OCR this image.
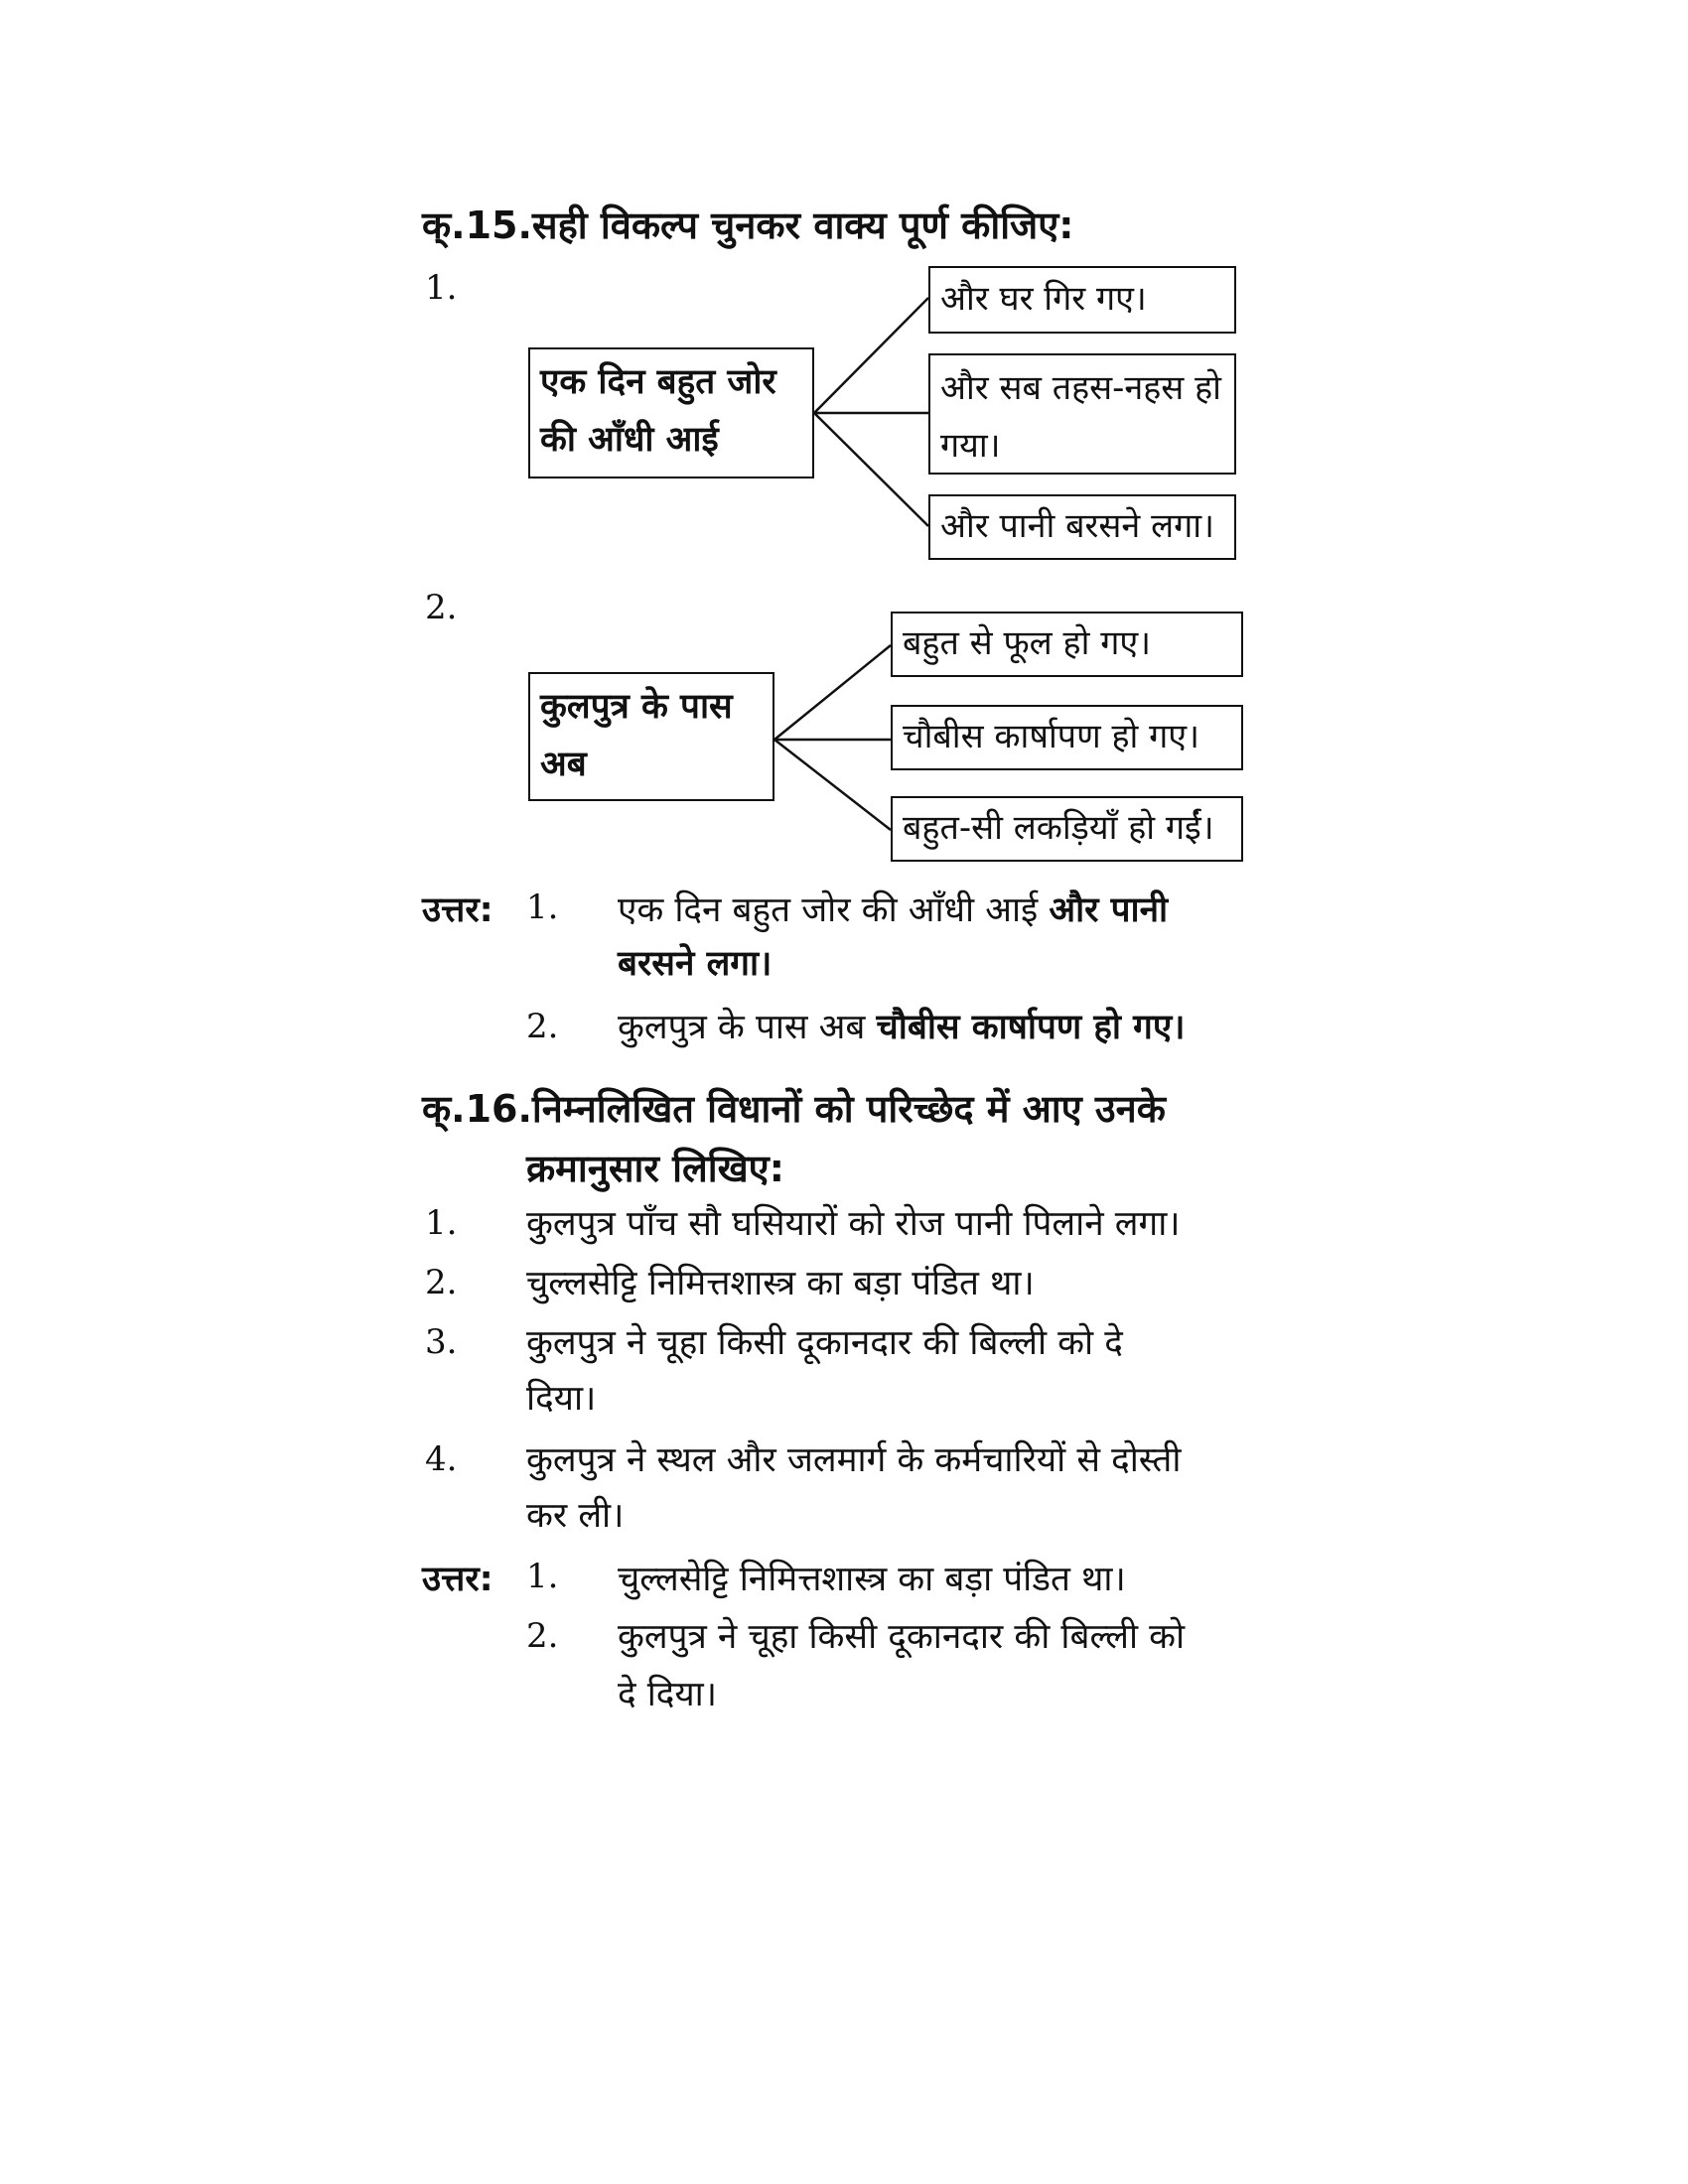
क्.15.सही विकल्प चुनकर वाक्य पूर्ण कीजिए:
1.
एक दिन बहुत जोर की आँधी आई
और घर गिर गए।
और सब तहस-नहस हो गया।
और पानी बरसने लगा।
2.
कुलपुत्र के पास अब
बहुत से फूल हो गए।
चौबीस कार्षापण हो गए।
बहुत-सी लकड़ियाँ हो गईं।
उत्तर: 1. एक दिन बहुत जोर की आँधी आई और पानी
बरसने लगा।
2. कुलपुत्र के पास अब चौबीस कार्षापण हो गए।
क्.16.निम्नलिखित विधानों को परिच्छेद में आए उनके
क्रमानुसार लिखिए:
1. कुलपुत्र पाँच सौ घसियारों को रोज पानी पिलाने लगा।
2. चुल्लसेट्टि निमित्तशास्त्र का बड़ा पंडित था।
3. कुलपुत्र ने चूहा किसी दूकानदार की बिल्ली को दे
दिया।
4. कुलपुत्र ने स्थल और जलमार्ग के कर्मचारियों से दोस्ती
कर ली।
उत्तर: 1. चुल्लसेट्टि निमित्तशास्त्र का बड़ा पंडित था।
2. कुलपुत्र ने चूहा किसी दूकानदार की बिल्ली को
दे दिया।
